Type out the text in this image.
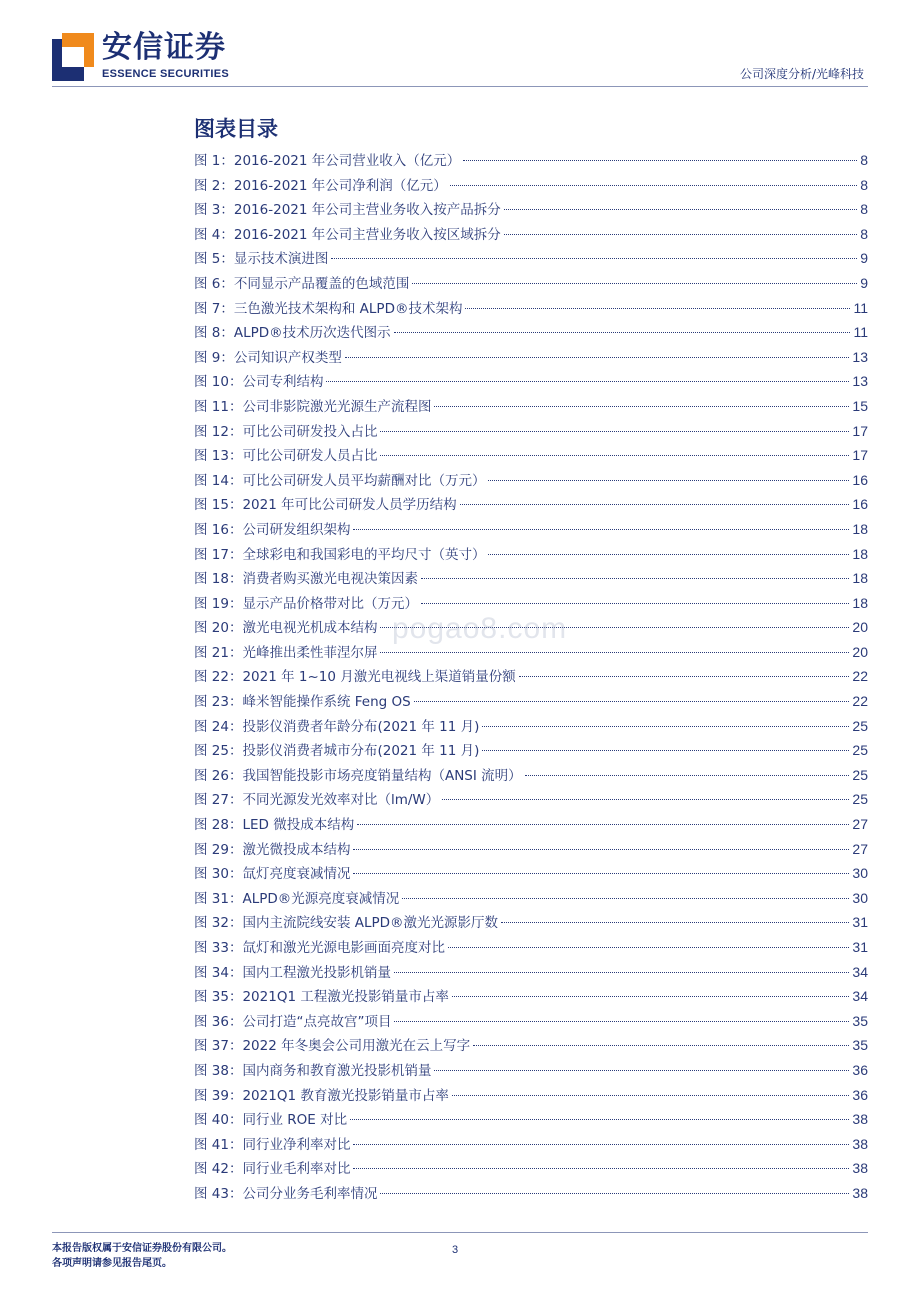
安信证券
ESSENCE SECURITIES	公司深度分析/光峰科技
图表目录
图 1：2016-2021 年公司营业收入（亿元）	8
图 2：2016-2021 年公司净利润（亿元）	8
图 3：2016-2021 年公司主营业务收入按产品拆分	8
图 4：2016-2021 年公司主营业务收入按区域拆分	8
图 5：显示技术演进图	9
图 6：不同显示产品覆盖的色域范围	9
图 7：三色激光技术架构和 ALPD®技术架构	11
图 8：ALPD®技术历次迭代图示	11
图 9：公司知识产权类型	13
图 10：公司专利结构	13
图 11：公司非影院激光光源生产流程图	15
图 12：可比公司研发投入占比	17
图 13：可比公司研发人员占比	17
图 14：可比公司研发人员平均薪酬对比（万元）	16
图 15：2021 年可比公司研发人员学历结构	16
图 16：公司研发组织架构	18
图 17：全球彩电和我国彩电的平均尺寸（英寸）	18
图 18：消费者购买激光电视决策因素	18
图 19：显示产品价格带对比（万元）	18
图 20：激光电视光机成本结构	20
图 21：光峰推出柔性菲涅尔屏	20
图 22：2021 年 1~10 月激光电视线上渠道销量份额	22
图 23：峰米智能操作系统 Feng OS	22
图 24：投影仪消费者年龄分布(2021 年 11 月)	25
图 25：投影仪消费者城市分布(2021 年 11 月)	25
图 26：我国智能投影市场亮度销量结构（ANSI 流明）	25
图 27：不同光源发光效率对比（lm/W）	25
图 28：LED 微投成本结构	27
图 29：激光微投成本结构	27
图 30：氙灯亮度衰减情况	30
图 31：ALPD®光源亮度衰减情况	30
图 32：国内主流院线安装 ALPD®激光光源影厅数	31
图 33：氙灯和激光光源电影画面亮度对比	31
图 34：国内工程激光投影机销量	34
图 35：2021Q1 工程激光投影销量市占率	34
图 36：公司打造“点亮故宫”项目	35
图 37：2022 年冬奥会公司用激光在云上写字	35
图 38：国内商务和教育激光投影机销量	36
图 39：2021Q1 教育激光投影销量市占率	36
图 40：同行业 ROE 对比	38
图 41：同行业净利率对比	38
图 42：同行业毛利率对比	38
图 43：公司分业务毛利率情况	38
pogao8.com
本报告版权属于安信证券股份有限公司。
各项声明请参见报告尾页。
3
